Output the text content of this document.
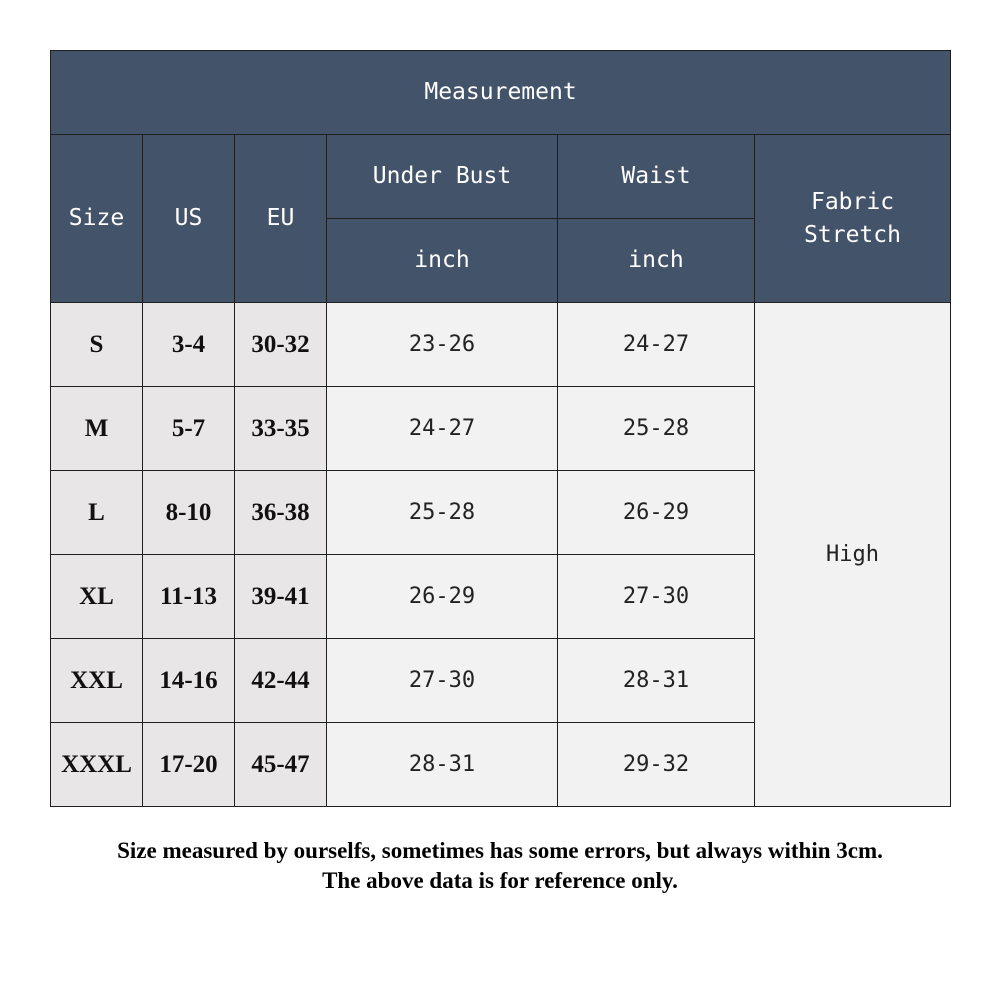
Measurement					
Size	US	EU	Under Bust	Waist	Fabric Stretch
			inch	inch	
S	3-4	30-32	23-26	24-27	High
M	5-7	33-35	24-27	25-28	
L	8-10	36-38	25-28	26-29	
XL	11-13	39-41	26-29	27-30	
XXL	14-16	42-44	27-30	28-31	
XXXL	17-20	45-47	28-31	29-32	
Size measured by ourselfs, sometimes has some errors, but always within 3cm.
The above data is for reference only.
